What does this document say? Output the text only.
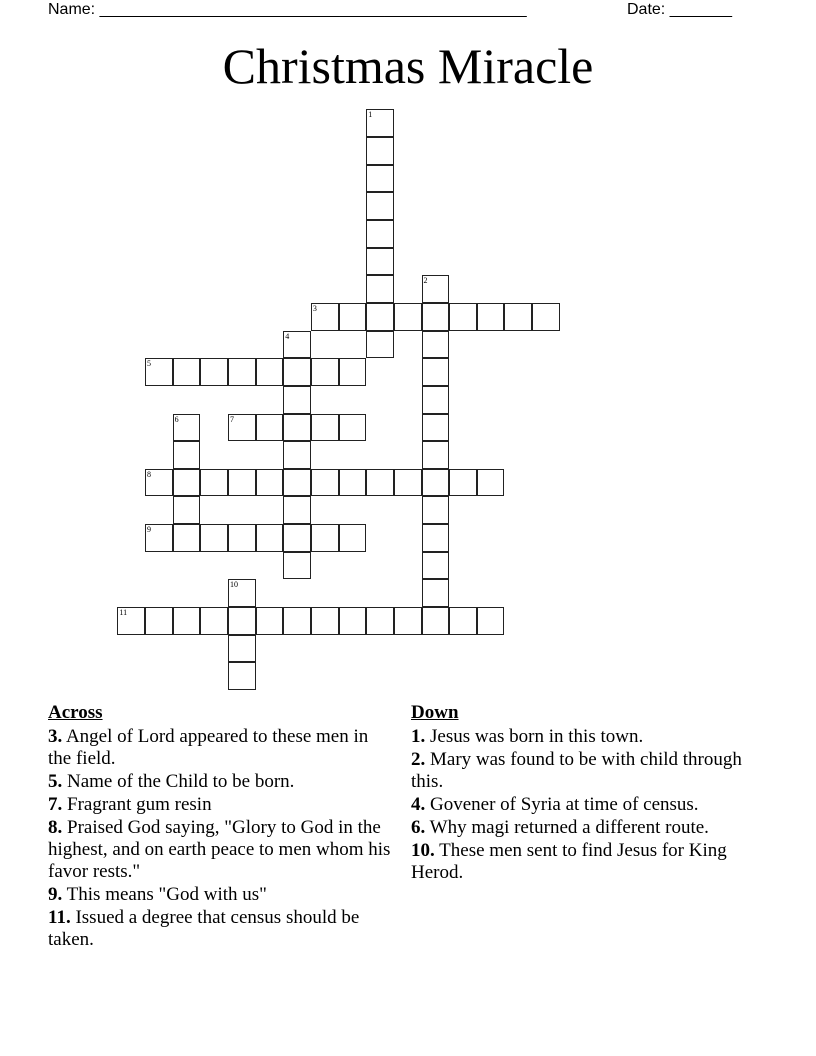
Name: ________________________________________________	Date: _______
Christmas Miracle
1
2
3
4
5
6	7
8
9
10
11
Across
3. Angel of Lord appeared to these men in the field.
5. Name of the Child to be born.
7. Fragrant gum resin
8. Praised God saying, "Glory to God in the highest, and on earth peace to men whom his favor rests."
9. This means "God with us"
11. Issued a degree that census should be taken.
Down
1. Jesus was born in this town.
2. Mary was found to be with child through this.
4. Govener of Syria at time of census.
6. Why magi returned a different route.
10. These men sent to find Jesus for King Herod.
